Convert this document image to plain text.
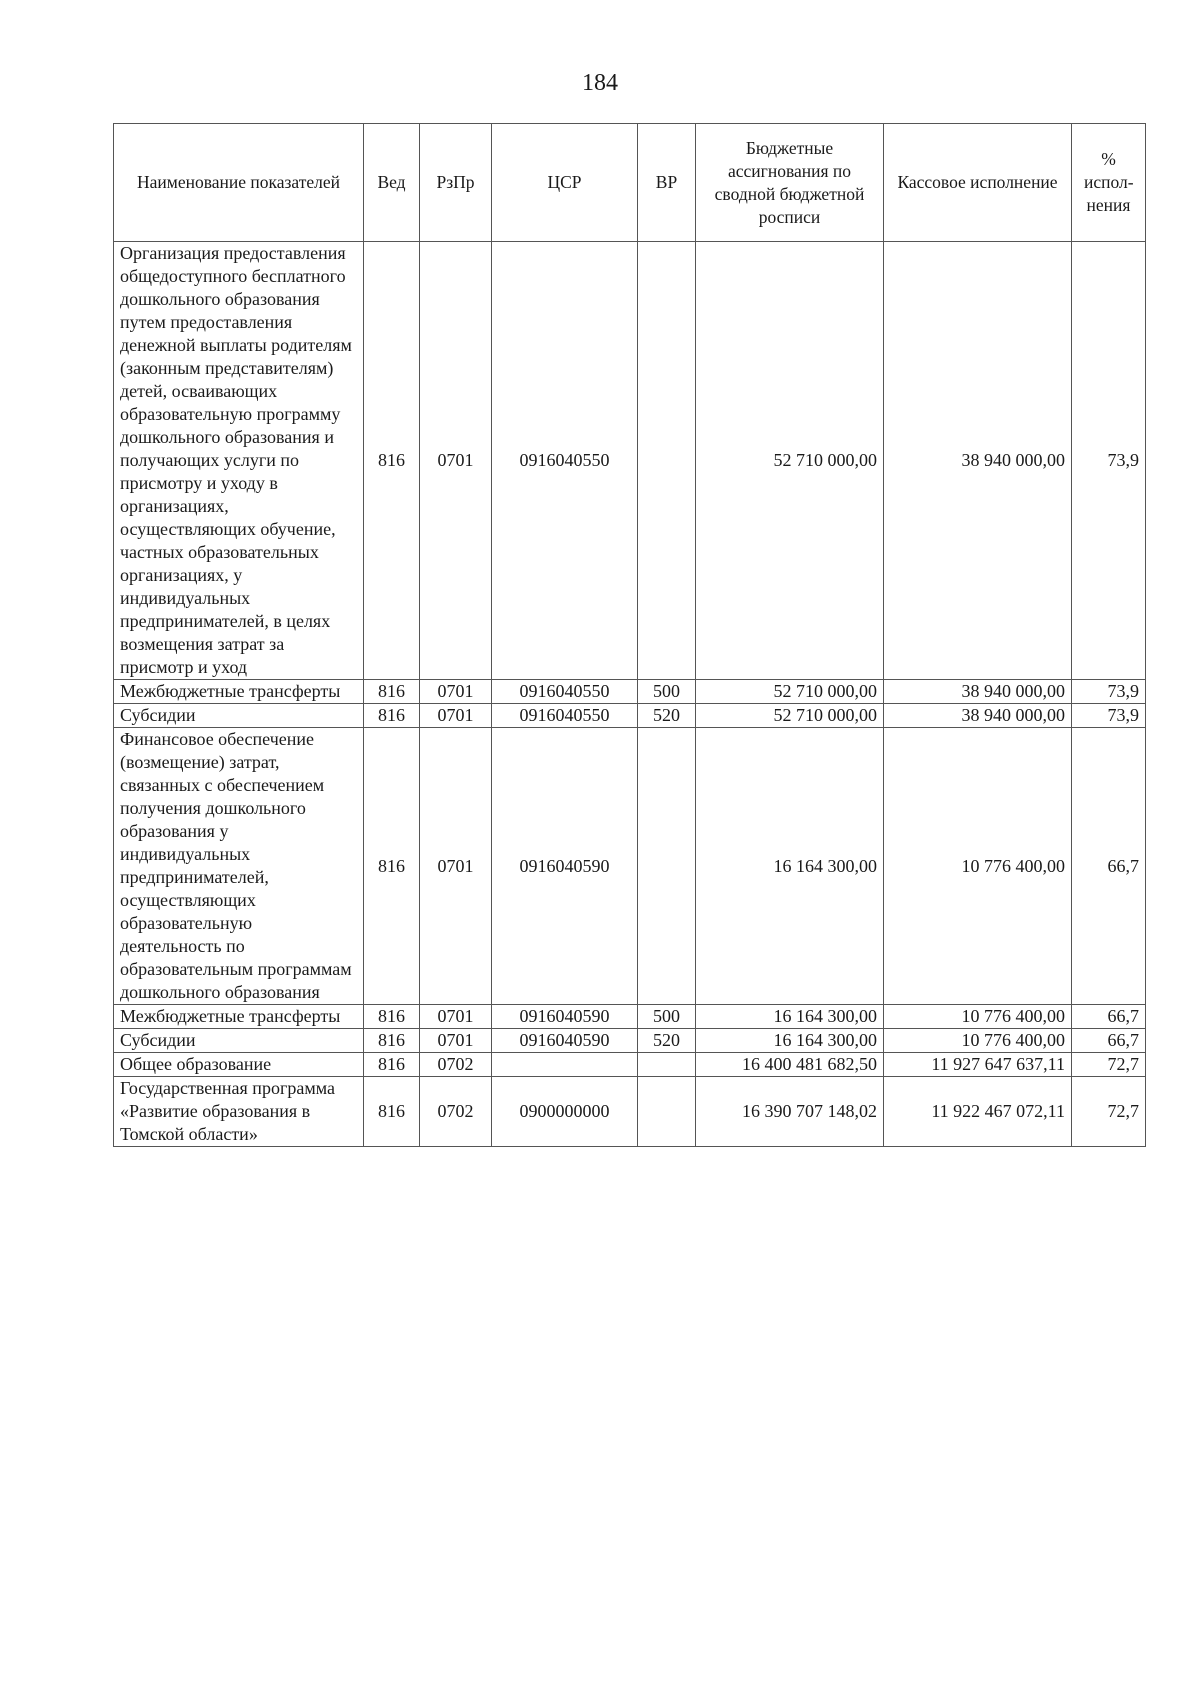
184
Наименование показателей	Вед	РзПр	ЦСР	ВР	Бюджетные ассигнования по сводной бюджетной росписи	Кассовое исполнение	% испол-нения
Организация предоставления общедоступного бесплатного дошкольного образования путем предоставления денежной выплаты родителям (законным представителям) детей, осваивающих образовательную программу дошкольного образования и получающих услуги по присмотру и уходу в организациях, осуществляющих обучение, частных образовательных организациях, у индивидуальных предпринимателей, в целях возмещения затрат за присмотр и уход	816	0701	0916040550		52 710 000,00	38 940 000,00	73,9
Межбюджетные трансферты	816	0701	0916040550	500	52 710 000,00	38 940 000,00	73,9
Субсидии	816	0701	0916040550	520	52 710 000,00	38 940 000,00	73,9
Финансовое обеспечение (возмещение) затрат, связанных с обеспечением получения дошкольного образования у индивидуальных предпринимателей, осуществляющих образовательную деятельность по образовательным программам дошкольного образования	816	0701	0916040590		16 164 300,00	10 776 400,00	66,7
Межбюджетные трансферты	816	0701	0916040590	500	16 164 300,00	10 776 400,00	66,7
Субсидии	816	0701	0916040590	520	16 164 300,00	10 776 400,00	66,7
Общее образование	816	0702			16 400 481 682,50	11 927 647 637,11	72,7
Государственная программа «Развитие образования в Томской области»	816	0702	0900000000		16 390 707 148,02	11 922 467 072,11	72,7
